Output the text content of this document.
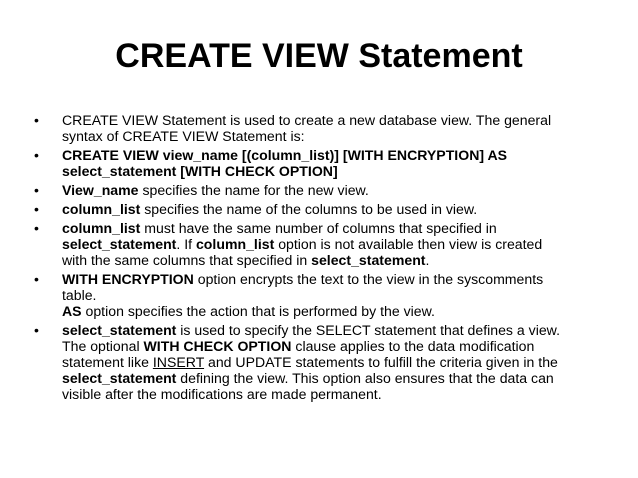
CREATE VIEW Statement
•	CREATE VIEW Statement is used to create a new database view. The general
syntax of CREATE VIEW Statement is:
•	CREATE VIEW view_name [(column_list)] [WITH ENCRYPTION] AS
select_statement [WITH CHECK OPTION]
•	View_name specifies the name for the new view.
•	column_list specifies the name of the columns to be used in view.
•	column_list must have the same number of columns that specified in
select_statement. If column_list option is not available then view is created
with the same columns that specified in select_statement.
•	WITH ENCRYPTION option encrypts the text to the view in the syscomments
table.
AS option specifies the action that is performed by the view.
•	select_statement is used to specify the SELECT statement that defines a view.
The optional WITH CHECK OPTION clause applies to the data modification
statement like INSERT and UPDATE statements to fulfill the criteria given in the
select_statement defining the view. This option also ensures that the data can
visible after the modifications are made permanent.
